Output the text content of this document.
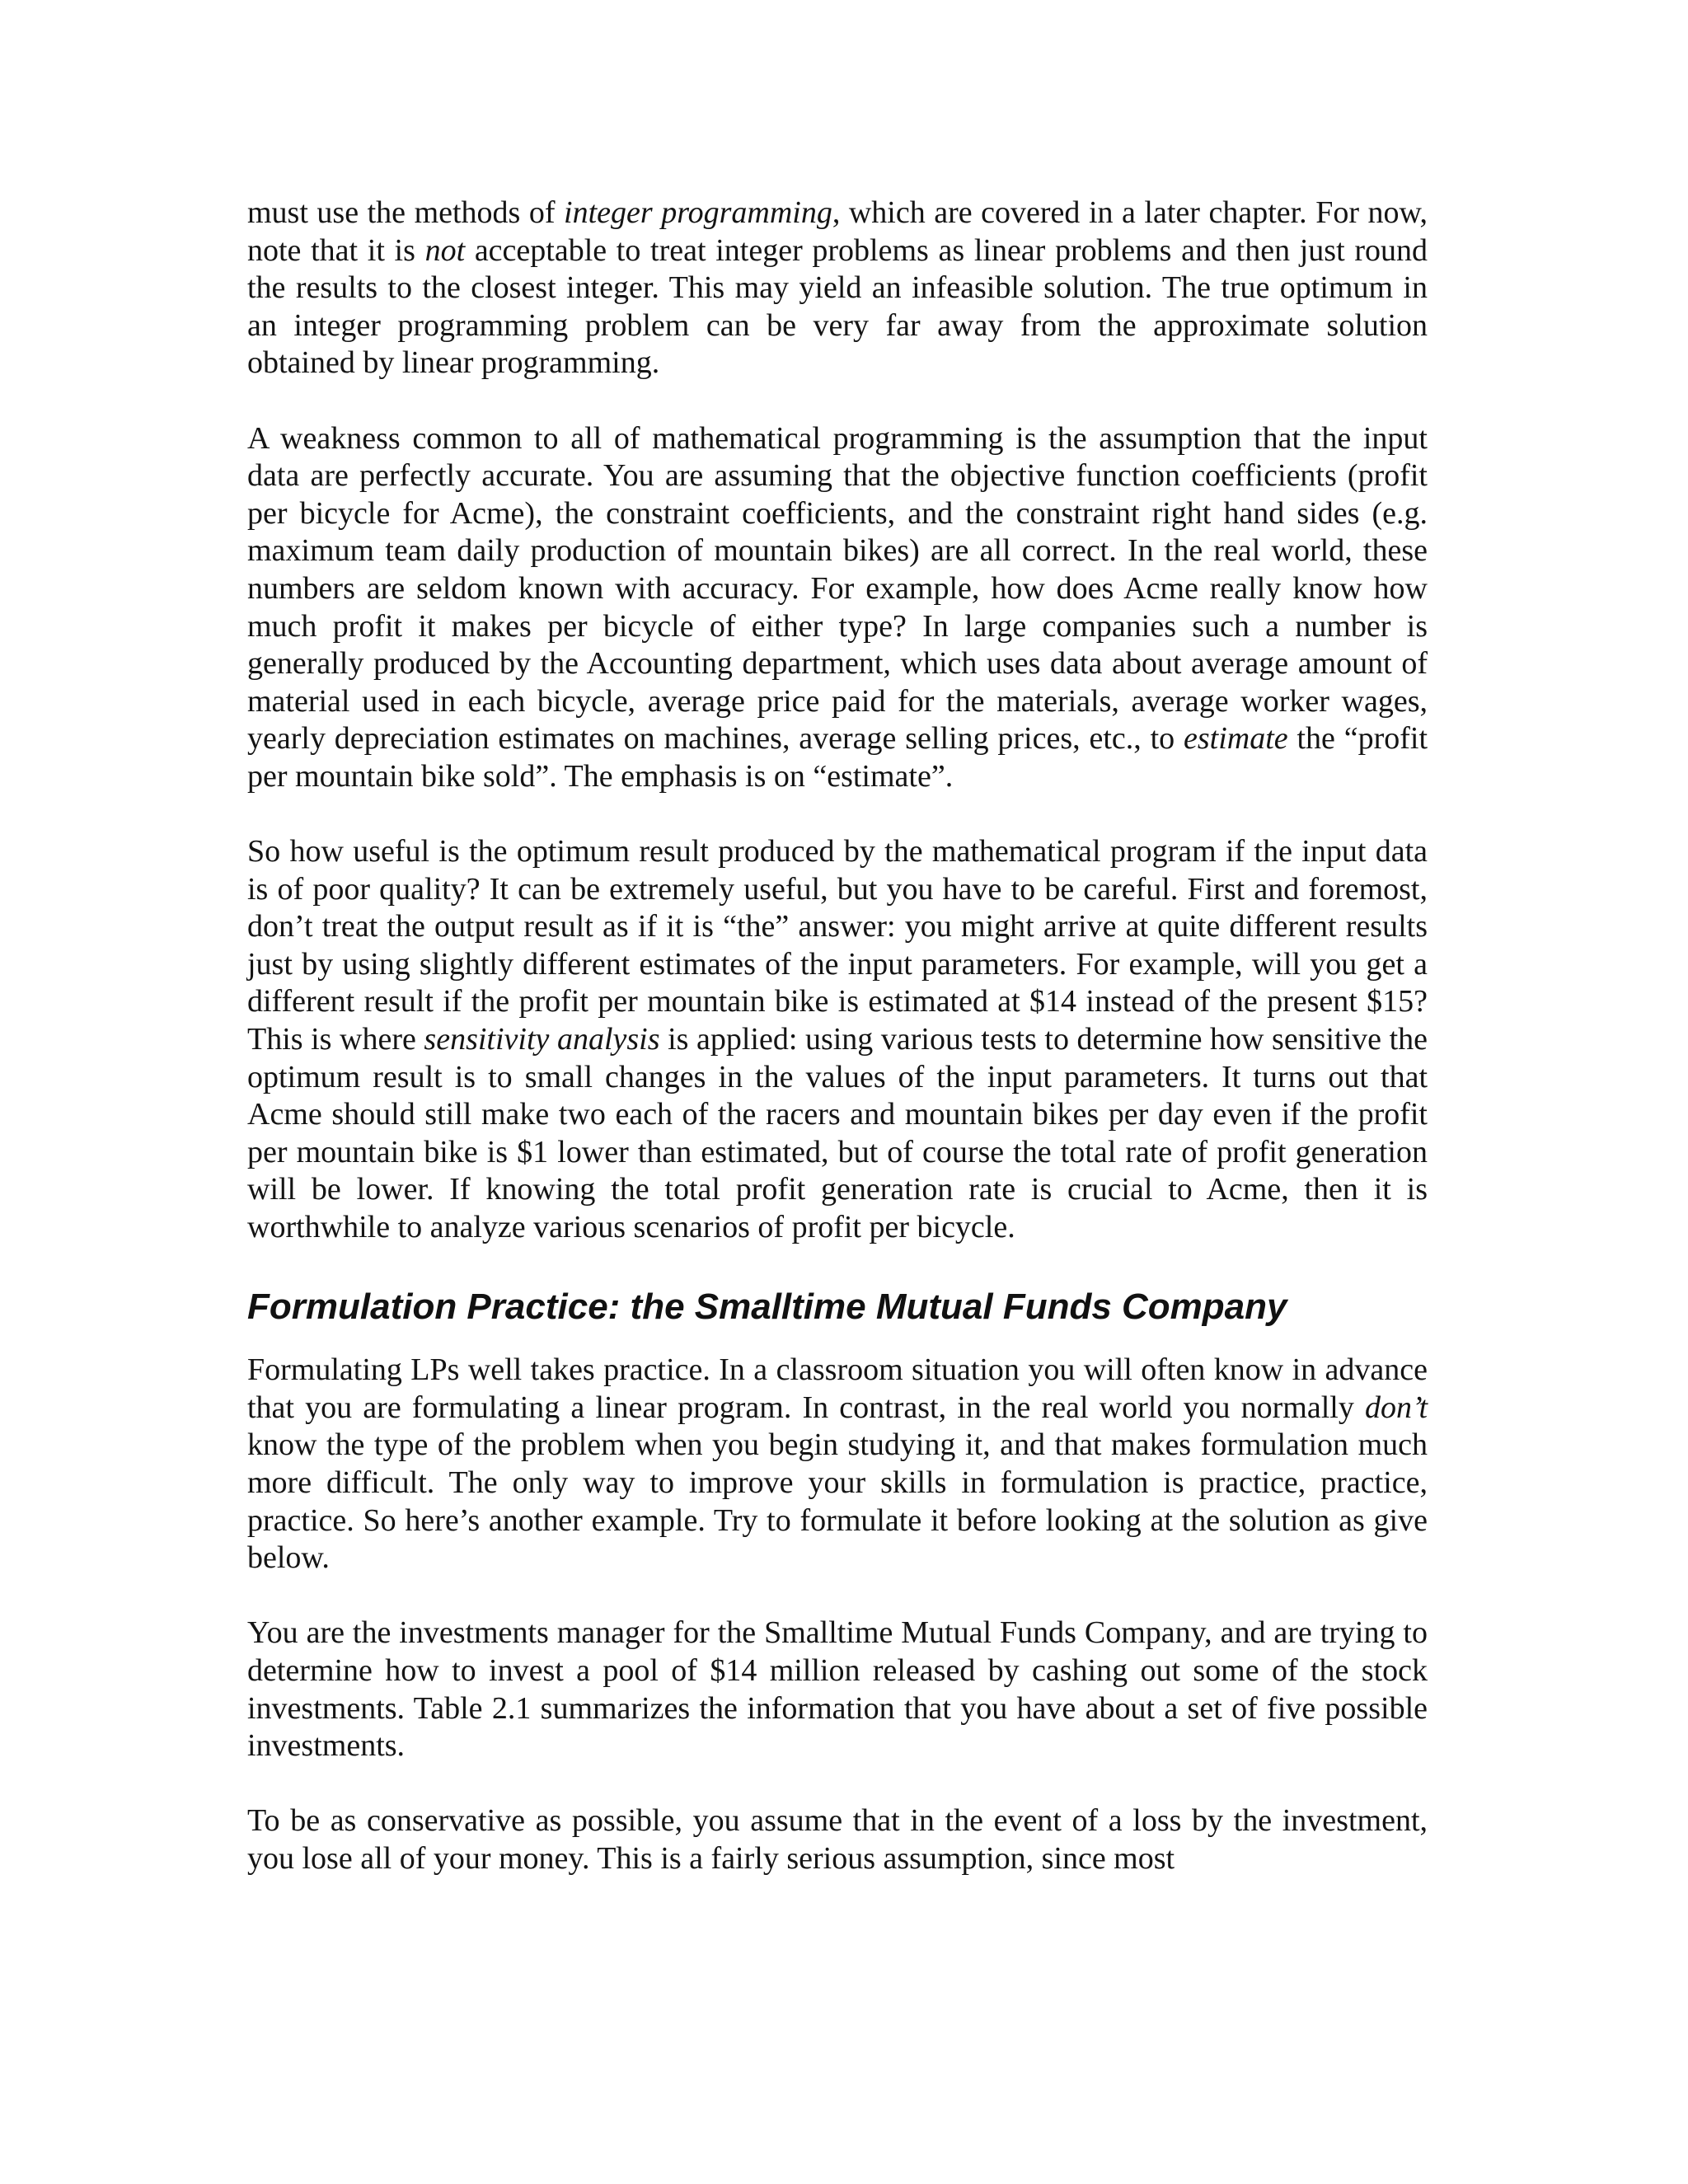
must use the methods of integer programming, which are covered in a later chapter. For now, note that it is not acceptable to treat integer problems as linear problems and then just round the results to the closest integer. This may yield an infeasible solution. The true optimum in an integer programming problem can be very far away from the approximate solution obtained by linear programming.

A weakness common to all of mathematical programming is the assumption that the input data are perfectly accurate. You are assuming that the objective function coefficients (profit per bicycle for Acme), the constraint coefficients, and the constraint right hand sides (e.g. maximum team daily production of mountain bikes) are all correct. In the real world, these numbers are seldom known with accuracy. For example, how does Acme really know how much profit it makes per bicycle of either type? In large companies such a number is generally produced by the Accounting department, which uses data about average amount of material used in each bicycle, average price paid for the materials, average worker wages, yearly depreciation estimates on machines, average selling prices, etc., to estimate the “profit per mountain bike sold”. The emphasis is on “estimate”.

So how useful is the optimum result produced by the mathematical program if the input data is of poor quality? It can be extremely useful, but you have to be careful. First and foremost, don’t treat the output result as if it is “the” answer: you might arrive at quite different results just by using slightly different estimates of the input parameters. For example, will you get a different result if the profit per mountain bike is estimated at $14 instead of the present $15? This is where sensitivity analysis is applied: using various tests to determine how sensitive the optimum result is to small changes in the values of the input parameters. It turns out that Acme should still make two each of the racers and mountain bikes per day even if the profit per mountain bike is $1 lower than estimated, but of course the total rate of profit generation will be lower. If knowing the total profit generation rate is crucial to Acme, then it is worthwhile to analyze various scenarios of profit per bicycle.

Formulation Practice: the Smalltime Mutual Funds Company

Formulating LPs well takes practice. In a classroom situation you will often know in advance that you are formulating a linear program. In contrast, in the real world you normally don’t know the type of the problem when you begin studying it, and that makes formulation much more difficult. The only way to improve your skills in formulation is practice, practice, practice. So here’s another example. Try to formulate it before looking at the solution as give below.

You are the investments manager for the Smalltime Mutual Funds Company, and are trying to determine how to invest a pool of $14 million released by cashing out some of the stock investments. Table 2.1 summarizes the information that you have about a set of five possible investments.

To be as conservative as possible, you assume that in the event of a loss by the investment, you lose all of your money. This is a fairly serious assumption, since most
